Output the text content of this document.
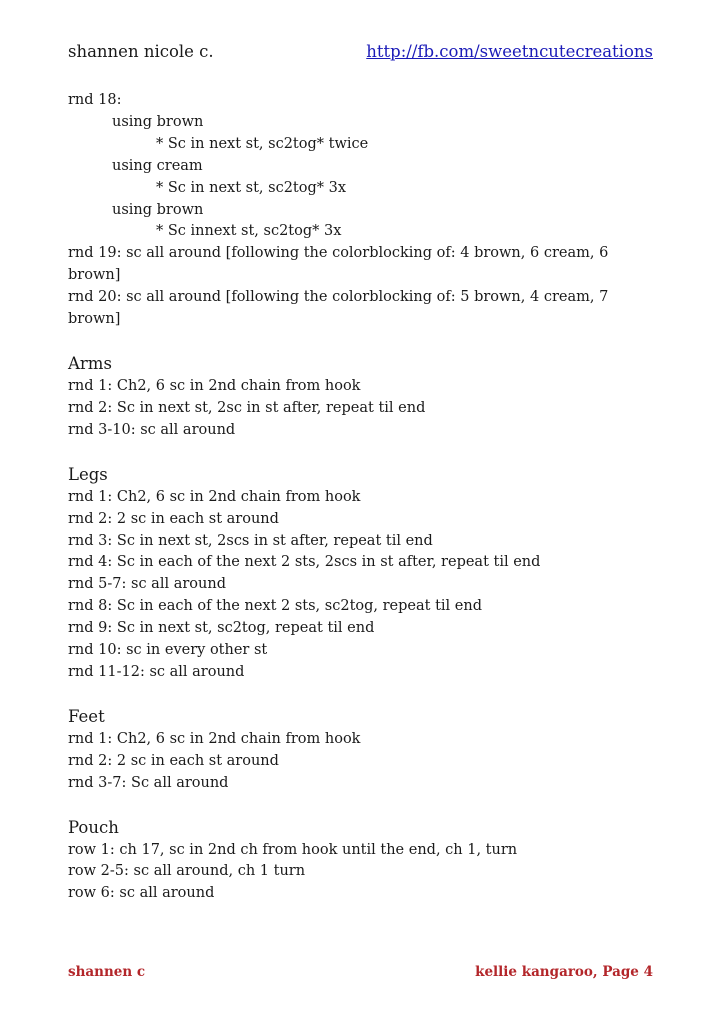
shannen nicole c.	http://fb.com/sweetncutecreations
rnd 18:
using brown
* Sc in next st, sc2tog* twice
using cream
* Sc in next st, sc2tog* 3x
using brown
* Sc innext st, sc2tog* 3x
rnd 19: sc all around [following the colorblocking of: 4 brown, 6 cream, 6 brown]
rnd 20: sc all around [following the colorblocking of: 5 brown, 4 cream, 7 brown]
Arms
rnd 1: Ch2, 6 sc in 2nd chain from hook
rnd 2: Sc in next st, 2sc in st after, repeat til end
rnd 3-10: sc all around
Legs
rnd 1: Ch2, 6 sc in 2nd chain from hook
rnd 2: 2 sc in each st around
rnd 3: Sc in next st, 2scs in st after, repeat til end
rnd 4: Sc in each of the next 2 sts, 2scs in st after, repeat til end
rnd 5-7: sc all around
rnd 8: Sc in each of the next 2 sts, sc2tog, repeat til end
rnd 9: Sc in next st, sc2tog, repeat til end
rnd 10: sc in every other st
rnd 11-12: sc all around
Feet
rnd 1: Ch2, 6 sc in 2nd chain from hook
rnd 2: 2 sc in each st around
rnd 3-7: Sc all around
Pouch
row 1: ch 17, sc in 2nd ch from hook until the end, ch 1, turn
row 2-5: sc all around, ch 1 turn
row 6: sc all around
shannen c	kellie kangaroo, Page 4
